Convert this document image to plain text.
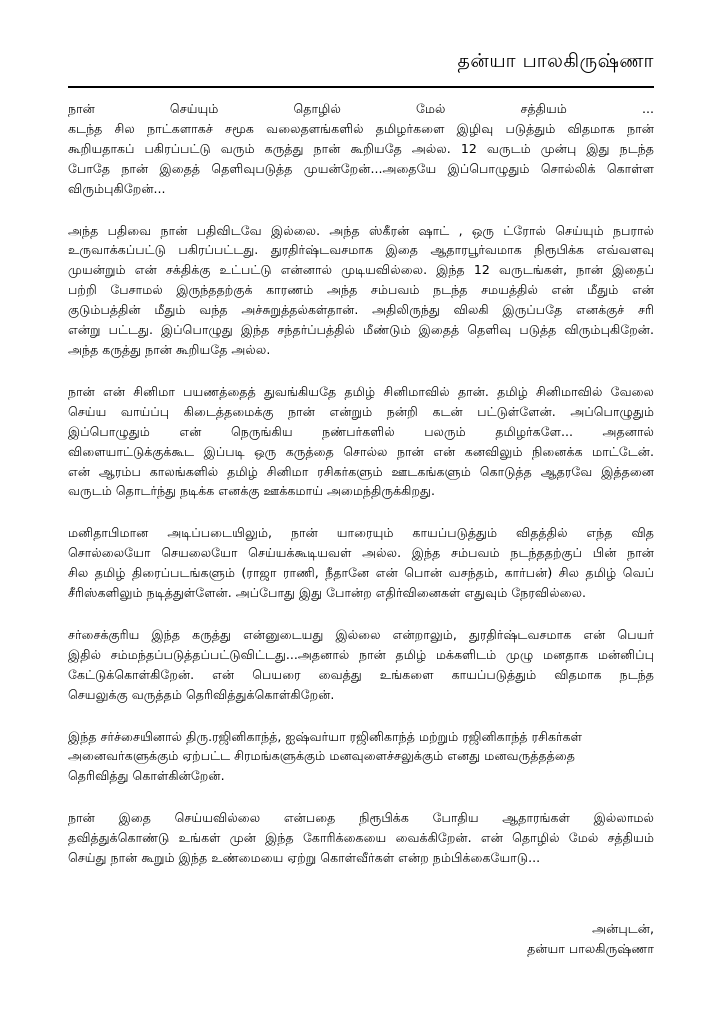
தன்யா பாலகிருஷ்ணா

நான் செய்யும் தொழில் மேல் சத்தியம் ...
கடந்த சில நாட்களாகச் சமூக வலைதளங்களில் தமிழர்களை இழிவு படுத்தும் விதமாக நான்
கூறியதாகப் பகிரப்பட்டு வரும் கருத்து நான் கூறியதே அல்ல. 12 வருடம் முன்பு இது நடந்த
போதே நான் இதைத் தெளிவுபடுத்த முயன்றேன்...அதையே இப்பொழுதும் சொல்லிக் கொள்ள
விரும்புகிறேன்...

அந்த பதிவை நான் பதிவிடவே இல்லை. அந்த ஸ்கீரன் ஷாட் , ஒரு ட்ரோல் செய்யும் நபரால்
உருவாக்கப்பட்டு பகிரப்பட்டது. துரதிர்ஷ்டவசமாக இதை ஆதாரபூர்வமாக நிரூபிக்க எவ்வளவு
முயன்றும் என் சக்திக்கு உட்பட்டு என்னால் முடியவில்லை. இந்த 12 வருடங்கள், நான் இதைப்
பற்றி பேசாமல் இருந்ததற்குக் காரணம் அந்த சம்பவம் நடந்த சமயத்தில் என் மீதும் என்
குடும்பத்தின் மீதும் வந்த அச்சுறுத்தல்கள்தான். அதிலிருந்து விலகி இருப்பதே எனக்குச் சரி
என்று பட்டது. இப்பொழுது இந்த சந்தர்ப்பத்தில் மீண்டும் இதைத் தெளிவு படுத்த விரும்புகிறேன்.
அந்த கருத்து நான் கூறியதே அல்ல.

நான் என் சினிமா பயணத்தைத் துவங்கியதே தமிழ் சினிமாவில் தான். தமிழ் சினிமாவில் வேலை
செய்ய வாய்ப்பு கிடைத்தமைக்கு நான் என்றும் நன்றி கடன் பட்டுள்ளேன். அப்பொழுதும்
இப்பொழுதும் என் நெருங்கிய நண்பர்களில் பலரும் தமிழர்களே... அதனால்
விளையாட்டுக்குக்கூட இப்படி ஒரு கருத்தை சொல்ல நான் என் கனவிலும் நினைக்க மாட்டேன்.
என் ஆரம்ப காலங்களில் தமிழ் சினிமா ரசிகர்களும் ஊடகங்களும் கொடுத்த ஆதரவே இத்தனை
வருடம் தொடர்ந்து நடிக்க எனக்கு ஊக்கமாய் அமைந்திருக்கிறது.

மனிதாபிமான அடிப்படையிலும், நான் யாரையும் காயப்படுத்தும் விதத்தில் எந்த வித
சொல்லையோ செயலையோ செய்யக்கூடியவள் அல்ல. இந்த சம்பவம் நடந்ததற்குப் பின் நான்
சில தமிழ் திரைப்படங்களும் (ராஜா ராணி, நீதானே என் பொன் வசந்தம், கார்பன்) சில தமிழ் வெப்
சீரிஸ்களிலும் நடித்துள்ளேன். அப்போது இது போன்ற எதிர்வினைகள் எதுவும் நேரவில்லை.

சர்சைக்குரிய இந்த கருத்து என்னுடையது இல்லை என்றாலும், துரதிர்ஷ்டவசமாக என் பெயர்
இதில் சம்மந்தப்படுத்தப்பட்டுவிட்டது...அதனால் நான் தமிழ் மக்களிடம் முழு மனதாக மன்னிப்பு
கேட்டுக்கொள்கிறேன். என் பெயரை வைத்து உங்களை காயப்படுத்தும் விதமாக நடந்த
செயலுக்கு வருத்தம் தெரிவித்துக்கொள்கிறேன்.

இந்த சர்ச்சையினால் திரு.ரஜினிகாந்த், ஐஷ்வர்யா ரஜினிகாந்த் மற்றும் ரஜினிகாந்த் ரசிகர்கள்
அனைவர்களுக்கும் ஏற்பட்ட சிரமங்களுக்கும் மனவுளைச்சலுக்கும் எனது மனவருத்தத்தை
தெரிவித்து கொள்கின்றேன்.

நான் இதை செய்யவில்லை என்பதை நிரூபிக்க போதிய ஆதாரங்கள் இல்லாமல்
தவித்துக்கொண்டு உங்கள் முன் இந்த கோரிக்கையை வைக்கிறேன். என் தொழில் மேல் சத்தியம்
செய்து நான் கூறும் இந்த உண்மையை ஏற்று கொள்வீர்கள் என்ற நம்பிக்கையோடு...

அன்புடன்,
தன்யா பாலகிருஷ்ணா
